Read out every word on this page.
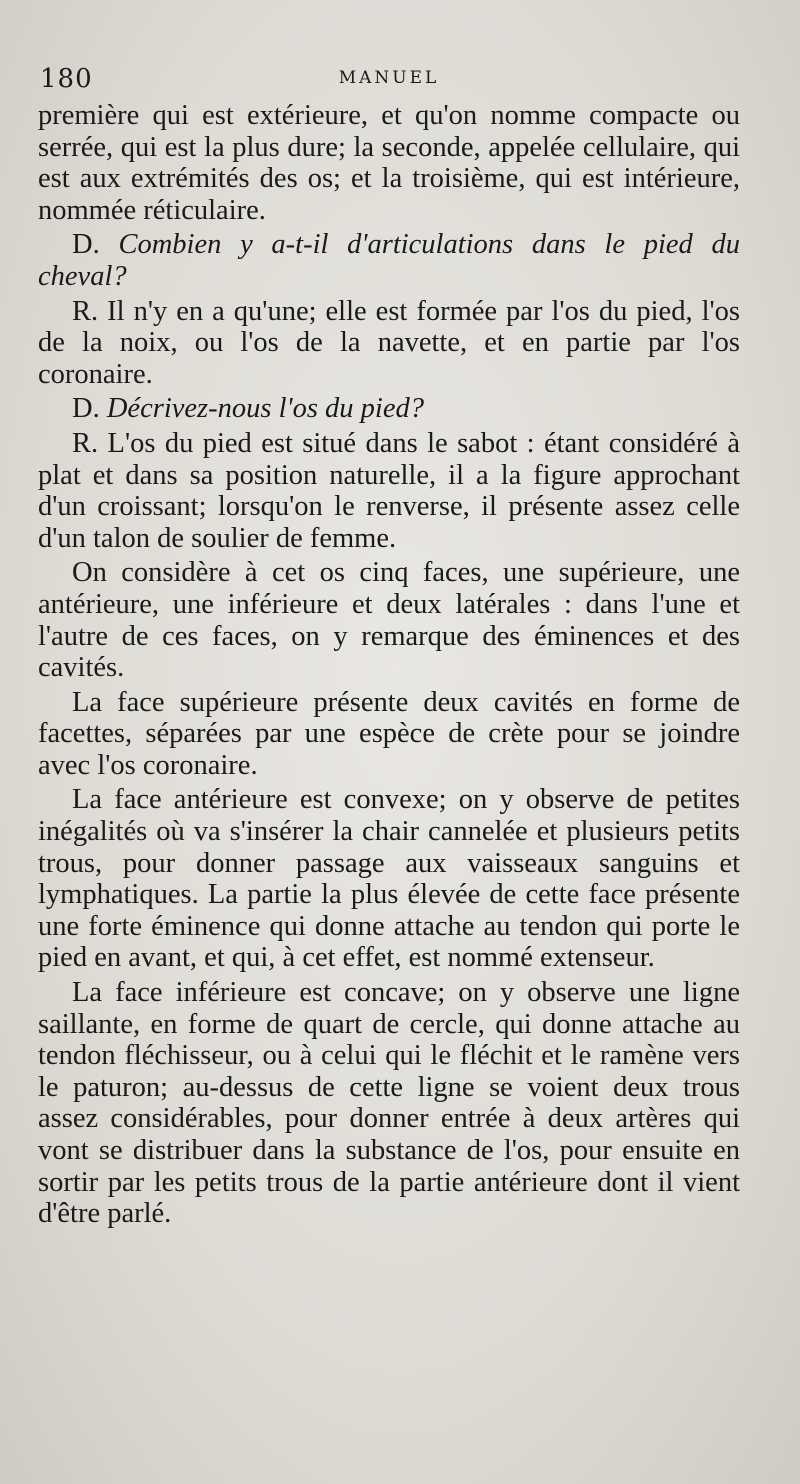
180	MANUEL

première qui est extérieure, et qu'on nomme compacte ou serrée, qui est la plus dure; la seconde, appelée cellulaire, qui est aux extrémités des os; et la troisième, qui est intérieure, nommée réticulaire.

D. Combien y a-t-il d'articulations dans le pied du cheval?

R. Il n'y en a qu'une; elle est formée par l'os du pied, l'os de la noix, ou l'os de la navette, et en partie par l'os coronaire.

D. Décrivez-nous l'os du pied?

R. L'os du pied est situé dans le sabot : étant considéré à plat et dans sa position naturelle, il a la figure approchant d'un croissant; lorsqu'on le renverse, il présente assez celle d'un talon de soulier de femme.

On considère à cet os cinq faces, une supérieure, une antérieure, une inférieure et deux latérales : dans l'une et l'autre de ces faces, on y remarque des éminences et des cavités.

La face supérieure présente deux cavités en forme de facettes, séparées par une espèce de crète pour se joindre avec l'os coronaire.

La face antérieure est convexe; on y observe de petites inégalités où va s'insérer la chair cannelée et plusieurs petits trous, pour donner passage aux vaisseaux sanguins et lymphatiques. La partie la plus élevée de cette face présente une forte éminence qui donne attache au tendon qui porte le pied en avant, et qui, à cet effet, est nommé extenseur.

La face inférieure est concave; on y observe une ligne saillante, en forme de quart de cercle, qui donne attache au tendon fléchisseur, ou à celui qui le fléchit et le ramène vers le paturon; au-dessus de cette ligne se voient deux trous assez considérables, pour donner entrée à deux artères qui vont se distribuer dans la substance de l'os, pour ensuite en sortir par les petits trous de la partie antérieure dont il vient d'être parlé.
